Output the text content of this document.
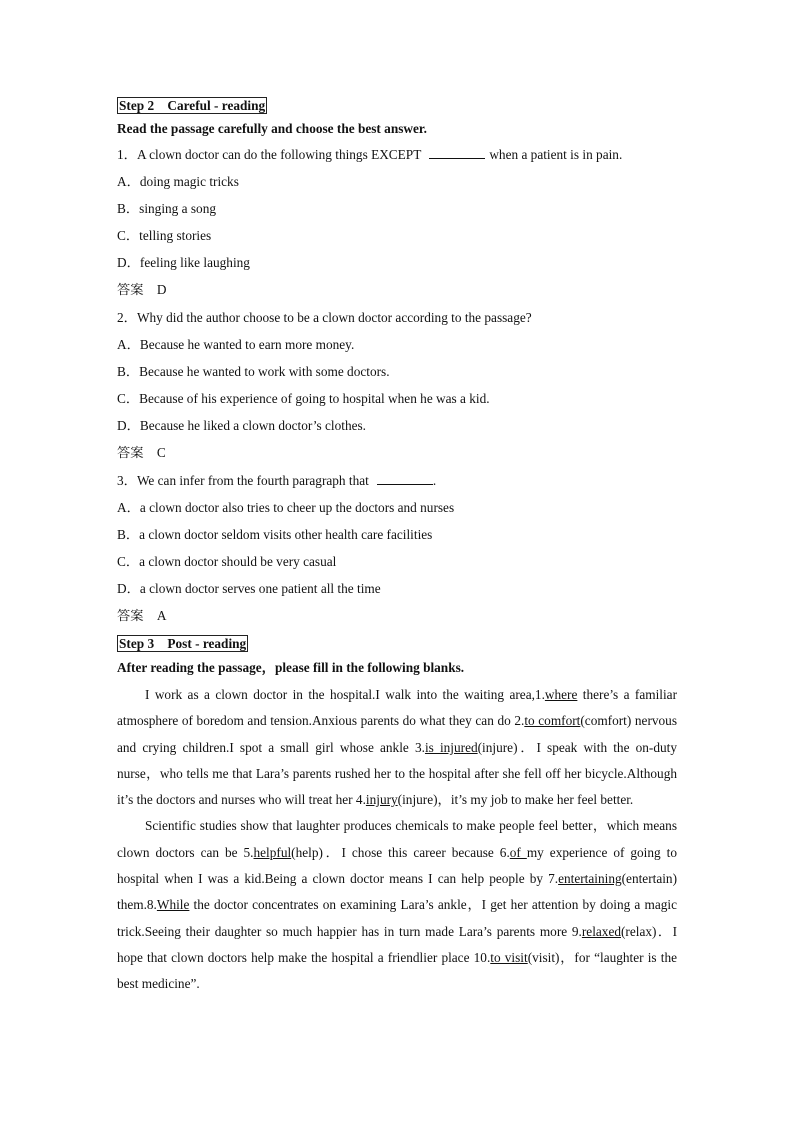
Step 2　Careful - reading
Read the passage carefully and choose the best answer.
1．A clown doctor can do the following things EXCEPT	when a patient is in pain.
A．doing magic tricks
B．singing a song
C．telling stories
D．feeling like laughing
答案　D
2．Why did the author choose to be a clown doctor according to the passage?
A．Because he wanted to earn more money.
B．Because he wanted to work with some doctors.
C．Because of his experience of going to hospital when he was a kid.
D．Because he liked a clown doctor’s clothes.
答案　C
3．We can infer from the fourth paragraph that	.
A．a clown doctor also tries to cheer up the doctors and nurses
B．a clown doctor seldom visits other health care facilities
C．a clown doctor should be very casual
D．a clown doctor serves one patient all the time
答案　A
Step 3　Post - reading
After reading the passage，please fill in the following blanks.

I work as a clown doctor in the hospital.I walk into the waiting area,1.where there’s a familiar atmosphere of boredom and tension.Anxious parents do what they can do 2.to comfort(comfort) nervous and crying children.I spot a small girl whose ankle 3.is injured(injure)．I speak with the on-duty nurse，who tells me that Lara’s parents rushed her to the hospital after she fell off her bicycle.Although it’s the doctors and nurses who will treat her 4.injury(injure)，it’s my job to make her feel better.

Scientific studies show that laughter produces chemicals to make people feel better，which means clown doctors can be 5.helpful(help)．I chose this career because 6.of my experience of going to hospital when I was a kid.Being a clown doctor means I can help people by 7.entertaining(entertain) them.8.While the doctor concentrates on examining Lara’s ankle，I get her attention by doing a magic trick.Seeing their daughter so much happier has in turn made Lara’s parents more 9.relaxed(relax)．I hope that clown doctors help make the hospital a friendlier place 10.to visit(visit)，for “laughter is the best medicine”.
